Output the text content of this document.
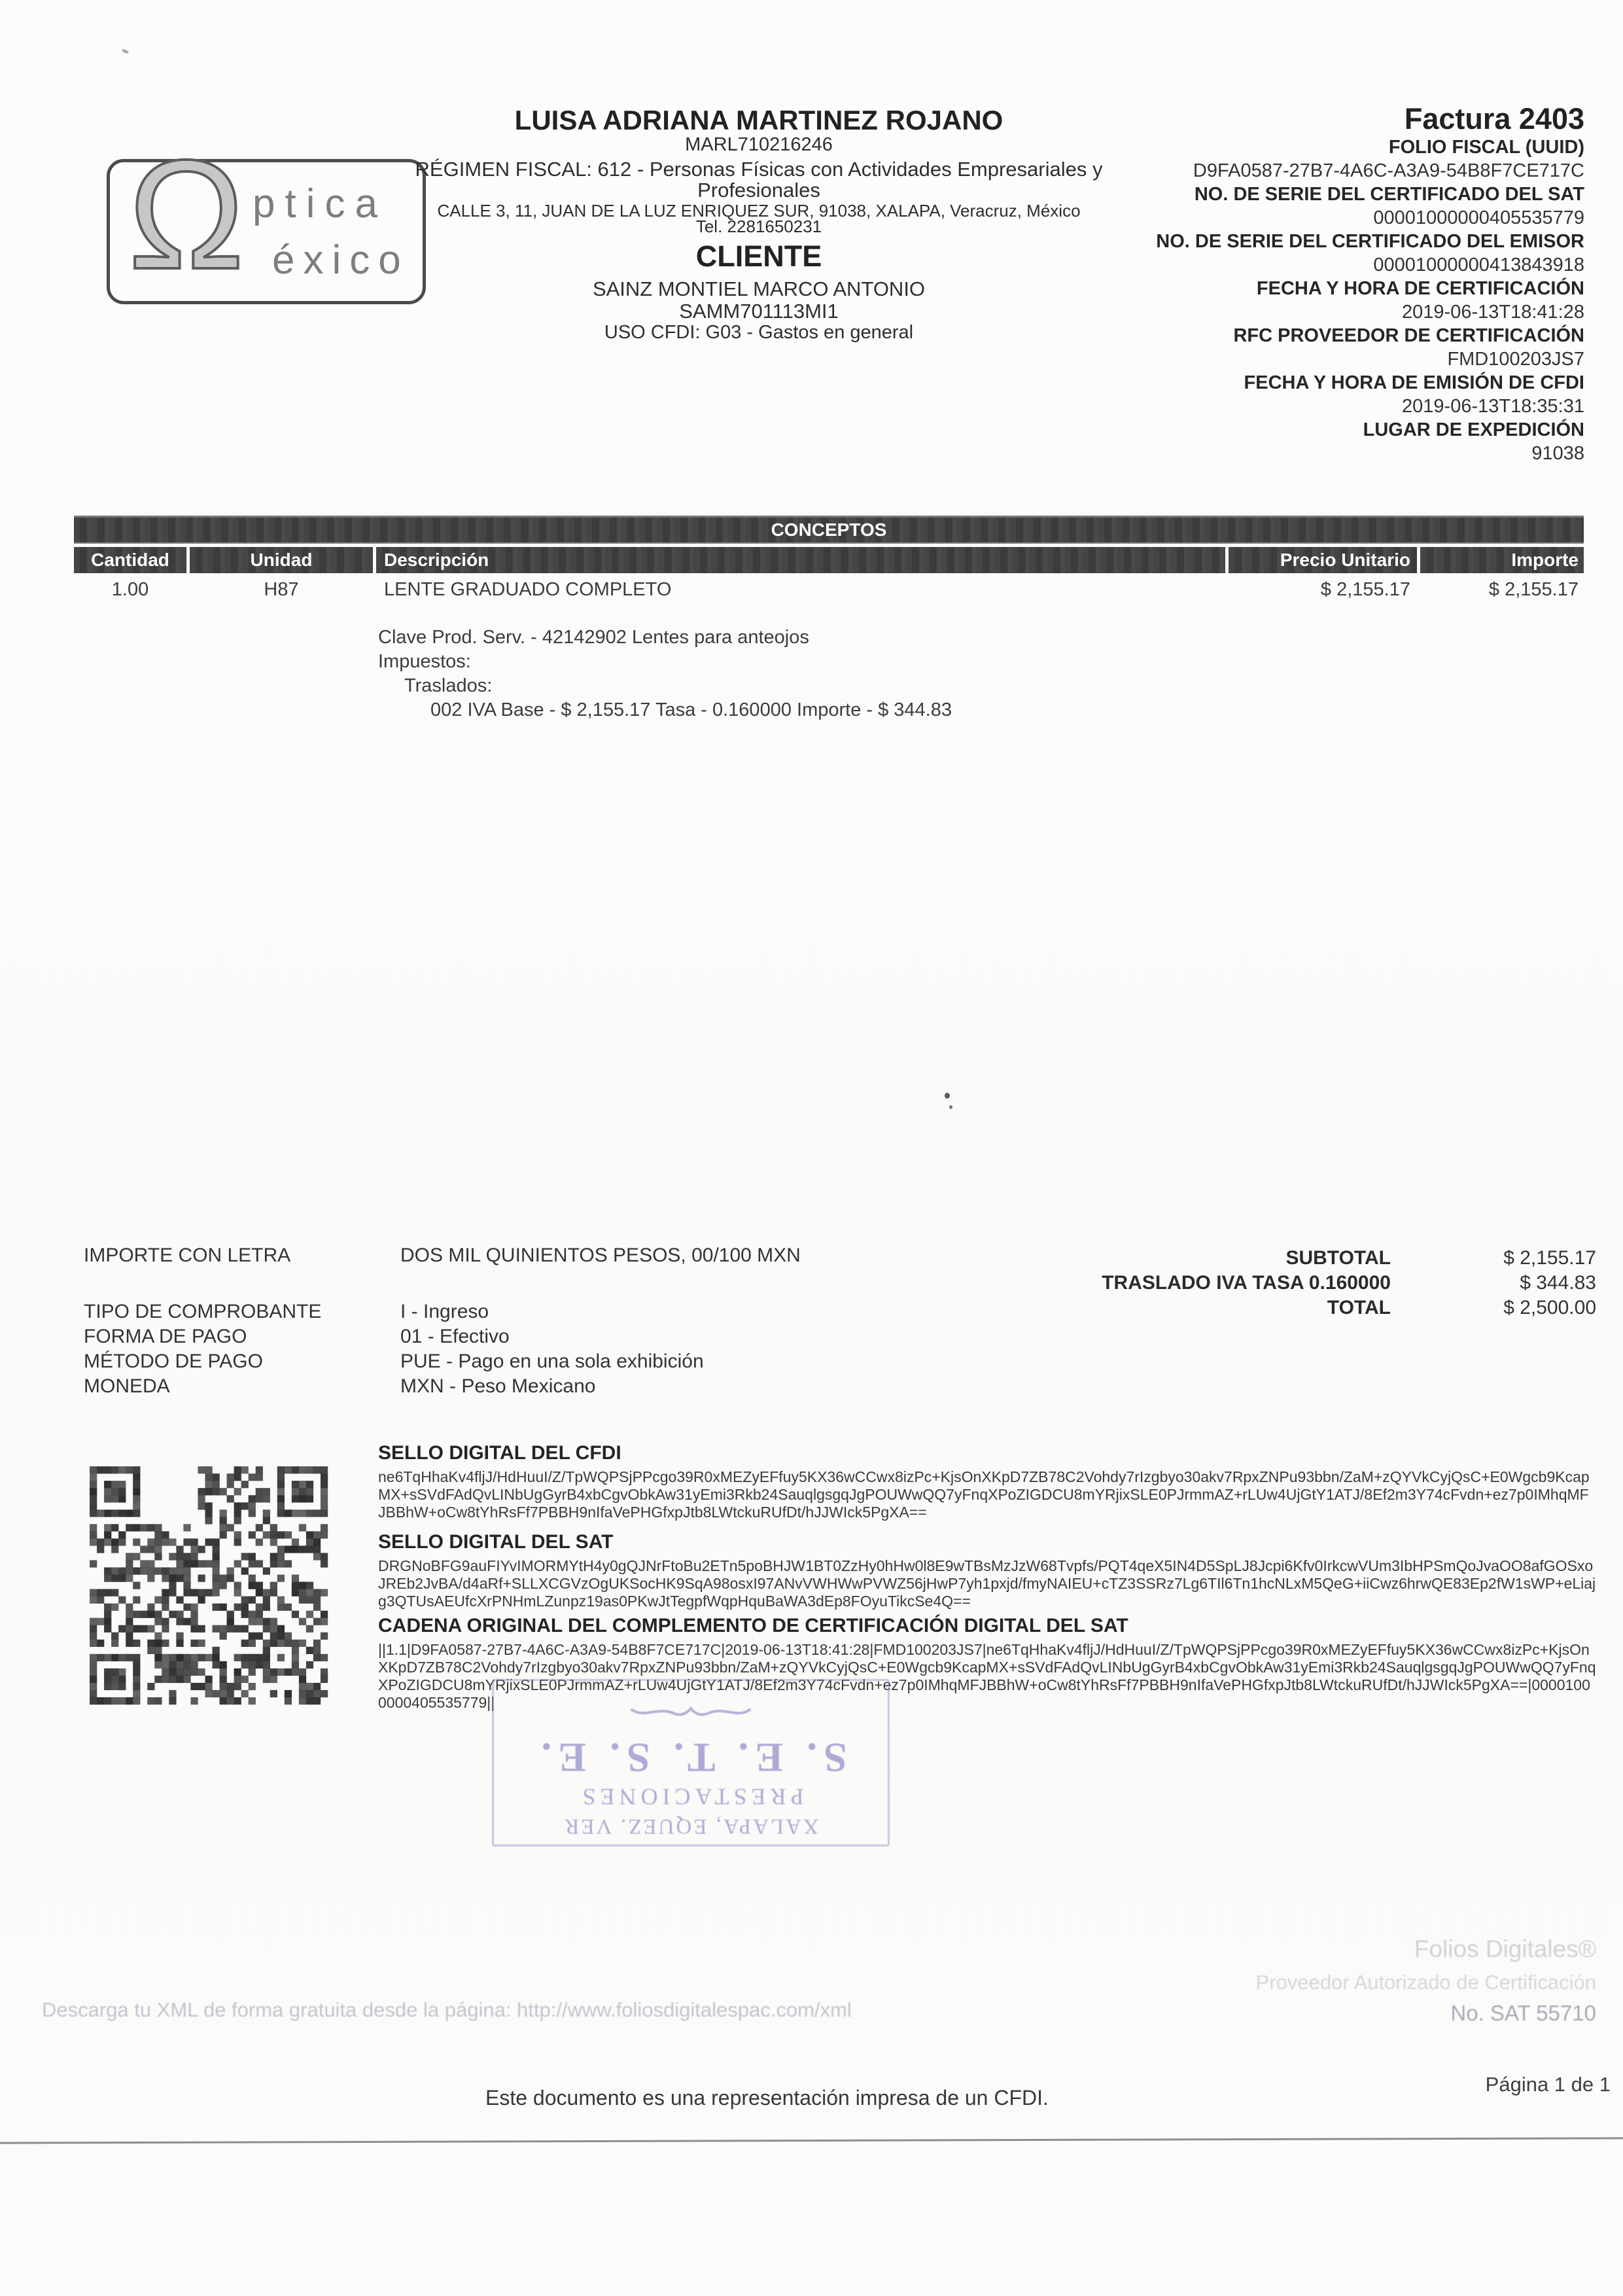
Ω ptica
éxico
LUISA ADRIANA MARTINEZ ROJANO
MARL710216246
RÉGIMEN FISCAL: 612 - Personas Físicas con Actividades Empresariales y
Profesionales
CALLE 3, 11, JUAN DE LA LUZ ENRIQUEZ SUR, 91038, XALAPA, Veracruz, México
Tel. 2281650231
CLIENTE
SAINZ MONTIEL MARCO ANTONIO
SAMM701113MI1
USO CFDI: G03 - Gastos en general
Factura 2403
FOLIO FISCAL (UUID)
D9FA0587-27B7-4A6C-A3A9-54B8F7CE717C
NO. DE SERIE DEL CERTIFICADO DEL SAT
00001000000405535779
NO. DE SERIE DEL CERTIFICADO DEL EMISOR
00001000000413843918
FECHA Y HORA DE CERTIFICACIÓN
2019-06-13T18:41:28
RFC PROVEEDOR DE CERTIFICACIÓN
FMD100203JS7
FECHA Y HORA DE EMISIÓN DE CFDI
2019-06-13T18:35:31
LUGAR DE EXPEDICIÓN
91038
CONCEPTOS
Cantidad	Unidad	Descripción	Precio Unitario	Importe
1.00	H87	LENTE GRADUADO COMPLETO	$ 2,155.17	$ 2,155.17
Clave Prod. Serv. - 42142902 Lentes para anteojos
Impuestos:
Traslados:
002 IVA Base - $ 2,155.17 Tasa - 0.160000 Importe - $ 344.83
IMPORTE CON LETRA	DOS MIL QUINIENTOS PESOS, 00/100 MXN
TIPO DE COMPROBANTE	I - Ingreso
FORMA DE PAGO	01 - Efectivo
MÉTODO DE PAGO	PUE - Pago en una sola exhibición
MONEDA	MXN - Peso Mexicano
SUBTOTAL	$ 2,155.17
TRASLADO IVA TASA 0.160000	$ 344.83
TOTAL	$ 2,500.00
SELLO DIGITAL DEL CFDI
ne6TqHhaKv4fljJ/HdHuuI/Z/TpWQPSjPPcgo39R0xMEZyEFfuy5KX36wCCwx8izPc+KjsOnXKpD7ZB78C2Vohdy7rIzgbyo30akv7RpxZNPu93bbn/ZaM+zQYVkCyjQsC+E0Wgcb9KcapMX+sSVdFAdQvLINbUgGyrB4xbCgvObkAw31yEmi3Rkb24SauqlgsgqJgPOUWwQQ7yFnqXPoZIGDCU8mYRjixSLE0PJrmmAZ+rLUw4UjGtY1ATJ/8Ef2m3Y74cFvdn+ez7p0IMhqMFJBBhW+oCw8tYhRsFf7PBBH9nIfaVePHGfxpJtb8LWtckuRUfDt/hJJWIck5PgXA==
SELLO DIGITAL DEL SAT
DRGNoBFG9auFIYvIMORMYtH4y0gQJNrFtoBu2ETn5poBHJW1BT0ZzHy0hHw0l8E9wTBsMzJzW68Tvpfs/PQT4qeX5IN4D5SpLJ8Jcpi6Kfv0IrkcwVUm3IbHPSmQoJvaOO8afGOSxoJREb2JvBA/d4aRf+SLLXCGVzOgUKSocHK9SqA98osxI97ANvVWHWwPVWZ56jHwP7yh1pxjd/fmyNAIEU+cTZ3SSRz7Lg6TIl6Tn1hcNLxM5QeG+iiCwz6hrwQE83Ep2fW1sWP+eLiajg3QTUsAEUfcXrPNHmLZunpz19as0PKwJtTegpfWqpHquBaWA3dEp8FOyuTikcSe4Q==
CADENA ORIGINAL DEL COMPLEMENTO DE CERTIFICACIÓN DIGITAL DEL SAT
||1.1|D9FA0587-27B7-4A6C-A3A9-54B8F7CE717C|2019-06-13T18:41:28|FMD100203JS7|ne6TqHhaKv4fljJ/HdHuuI/Z/TpWQPSjPPcgo39R0xMEZyEFfuy5KX36wCCwx8izPc+KjsOnXKpD7ZB78C2Vohdy7rIzgbyo30akv7RpxZNPu93bbn/ZaM+zQYVkCyjQsC+E0Wgcb9KcapMX+sSVdFAdQvLINbUgGyrB4xbCgvObkAw31yEmi3Rkb24SauqlgsgqJgPOUWwQQ7yFnqXPoZIGDCU8mYRjixSLE0PJrmmAZ+rLUw4UjGtY1ATJ/8Ef2m3Y74cFvdn+ez7p0IMhqMFJBBhW+oCw8tYhRsFf7PBBH9nIfaVePHGfxpJtb8LWtckuRUfDt/hJJWIck5PgXA==|00001000000405535779||
XALAPA, EQUEZ. VER
PRESTACIONES
S. E. T. S. E.
Descarga tu XML de forma gratuita desde la página: http://www.foliosdigitalespac.com/xml
Folios Digitales®
Proveedor Autorizado de Certificación
No. SAT 55710
Este documento es una representación impresa de un CFDI.
Página 1 de 1
